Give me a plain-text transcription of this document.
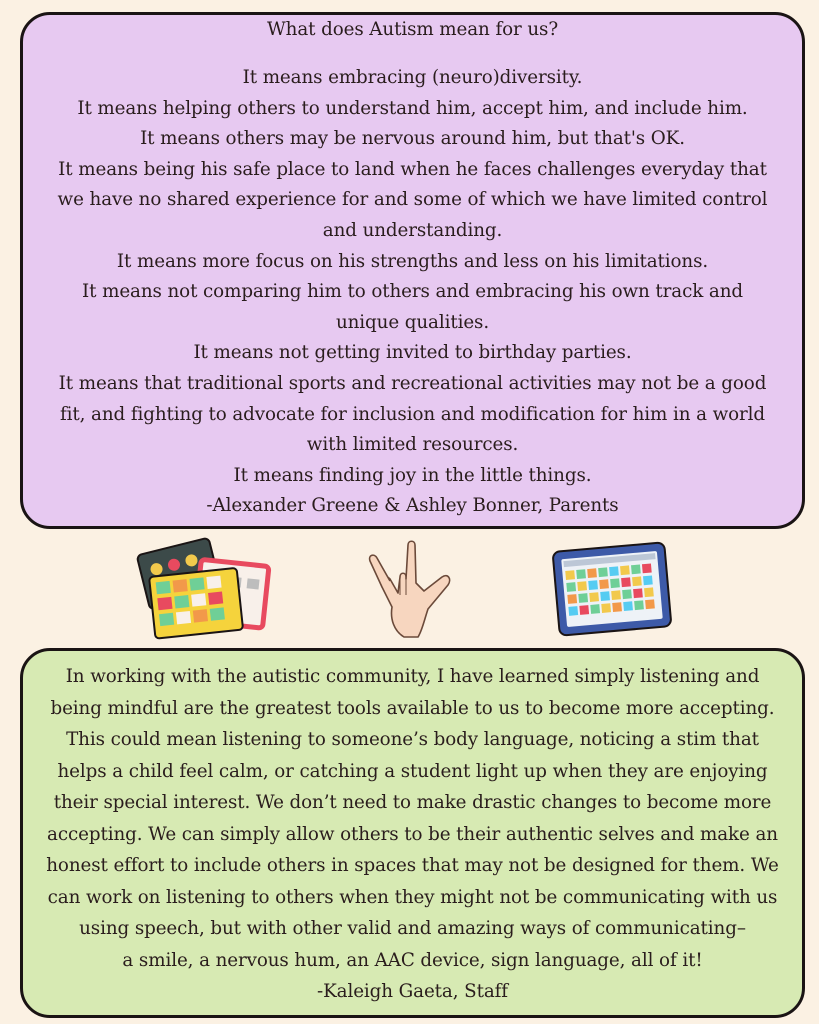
What does Autism mean for us?
It means embracing (neuro)diversity.
It means helping others to understand him, accept him, and include him.
It means others may be nervous around him, but that's OK.
It means being his safe place to land when he faces challenges everyday that
we have no shared experience for and some of which we have limited control
and understanding.
It means more focus on his strengths and less on his limitations.
It means not comparing him to others and embracing his own track and
unique qualities.
It means not getting invited to birthday parties.
It means that traditional sports and recreational activities may not be a good
fit, and fighting to advocate for inclusion and modification for him in a world
with limited resources.
It means finding joy in the little things.
-Alexander Greene & Ashley Bonner, Parents
In working with the autistic community, I have learned simply listening and
being mindful are the greatest tools available to us to become more accepting.
This could mean listening to someone’s body language, noticing a stim that
helps a child feel calm, or catching a student light up when they are enjoying
their special interest. We don’t need to make drastic changes to become more
accepting. We can simply allow others to be their authentic selves and make an
honest effort to include others in spaces that may not be designed for them. We
can work on listening to others when they might not be communicating with us
using speech, but with other valid and amazing ways of communicating–
a smile, a nervous hum, an AAC device, sign language, all of it!
-Kaleigh Gaeta, Staff
